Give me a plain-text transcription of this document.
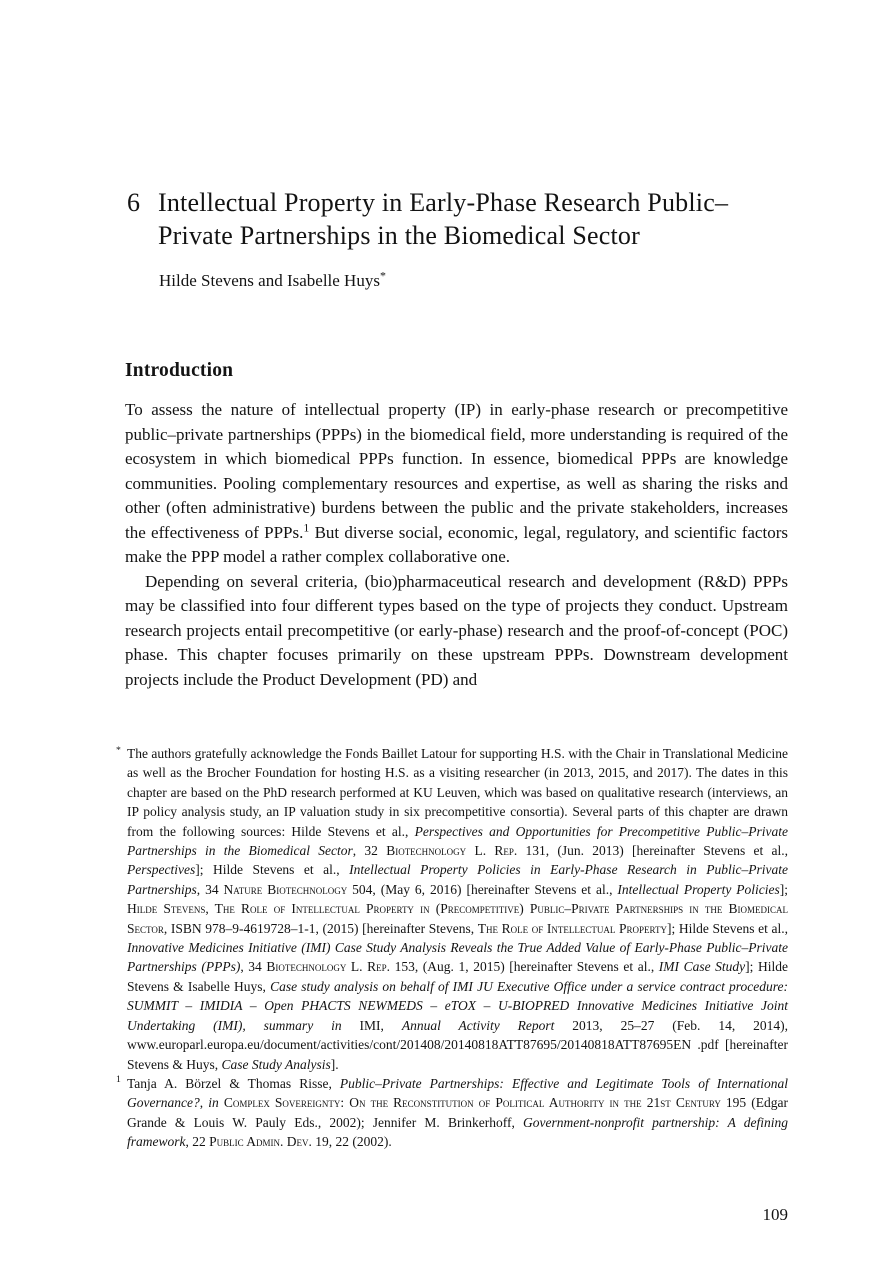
6 Intellectual Property in Early-Phase Research Public–Private Partnerships in the Biomedical Sector
Hilde Stevens and Isabelle Huys*
Introduction

To assess the nature of intellectual property (IP) in early-phase research or precompetitive public–private partnerships (PPPs) in the biomedical field, more understanding is required of the ecosystem in which biomedical PPPs function. In essence, biomedical PPPs are knowledge communities. Pooling complementary resources and expertise, as well as sharing the risks and other (often administrative) burdens between the public and the private stakeholders, increases the effectiveness of PPPs.$^1$ But diverse social, economic, legal, regulatory, and scientific factors make the PPP model a rather complex collaborative one.

Depending on several criteria, (bio)pharmaceutical research and development (R&D) PPPs may be classified into four different types based on the type of projects they conduct. Upstream research projects entail precompetitive (or early-phase) research and the proof-of-concept (POC) phase. This chapter focuses primarily on these upstream PPPs. Downstream development projects include the Product Development (PD) and

* The authors gratefully acknowledge the Fonds Baillet Latour for supporting H.S. with the Chair in Translational Medicine as well as the Brocher Foundation for hosting H.S. as a visiting researcher (in 2013, 2015, and 2017). The dates in this chapter are based on the PhD research performed at KU Leuven, which was based on qualitative research (interviews, an IP policy analysis study, an IP valuation study in six precompetitive consortia). Several parts of this chapter are drawn from the following sources: Hilde Stevens et al., Perspectives and Opportunities for Precompetitive Public–Private Partnerships in the Biomedical Sector, 32 Biotechnology L. Rep. 131, (Jun. 2013) [hereinafter Stevens et al., Perspectives]; Hilde Stevens et al., Intellectual Property Policies in Early-Phase Research in Public–Private Partnerships, 34 Nature Biotechnology 504, (May 6, 2016) [hereinafter Stevens et al., Intellectual Property Policies]; Hilde Stevens, The Role of Intellectual Property in (Precompetitive) Public–Private Partnerships in the Biomedical Sector, ISBN 978–9-4619728–1-1, (2015) [hereinafter Stevens, The Role of Intellectual Property]; Hilde Stevens et al., Innovative Medicines Initiative (IMI) Case Study Analysis Reveals the True Added Value of Early-Phase Public–Private Partnerships (PPPs), 34 Biotechnology L. Rep. 153, (Aug. 1, 2015) [hereinafter Stevens et al., IMI Case Study]; Hilde Stevens & Isabelle Huys, Case study analysis on behalf of IMI JU Executive Office under a service contract procedure: SUMMIT – IMIDIA – Open PHACTS NEWMEDS – eTOX – U-BIOPRED Innovative Medicines Initiative Joint Undertaking (IMI), summary in IMI, Annual Activity Report 2013, 25–27 (Feb. 14, 2014), www.europarl.europa.eu/document/activities/cont/201408/20140818ATT87695/20140818ATT87695EN .pdf [hereinafter Stevens & Huys, Case Study Analysis].

1 Tanja A. Börzel & Thomas Risse, Public–Private Partnerships: Effective and Legitimate Tools of International Governance?, in Complex Sovereignty: On the Reconstitution of Political Authority in the 21st Century 195 (Edgar Grande & Louis W. Pauly Eds., 2002); Jennifer M. Brinkerhoff, Government-nonprofit partnership: A defining framework, 22 Public Admin. Dev. 19, 22 (2002).

109
